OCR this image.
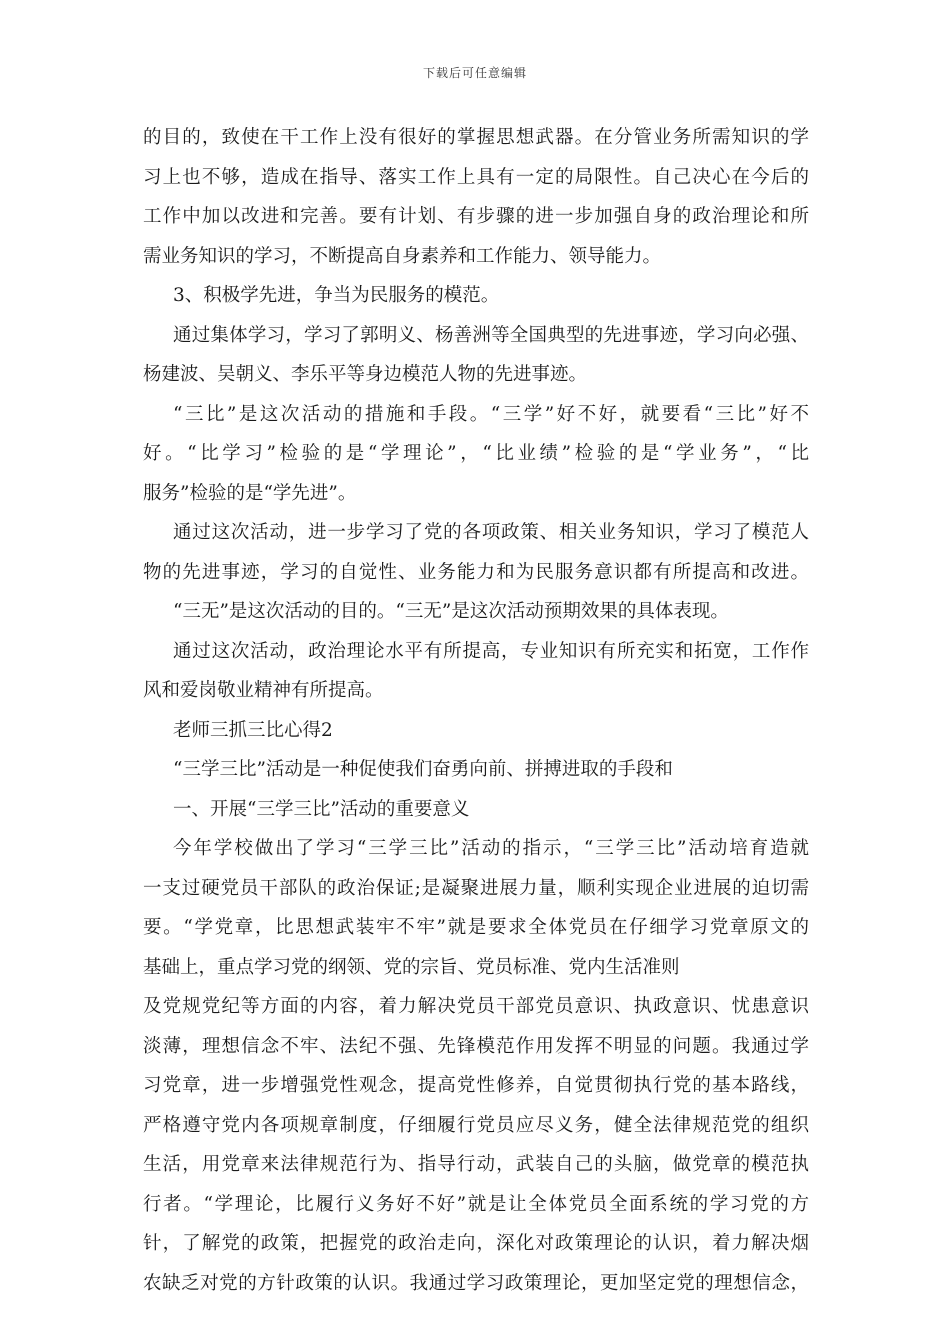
下载后可任意编辑
的目的，致使在干工作上没有很好的掌握思想武器。在分管业务所需知识的学
习上也不够，造成在指导、落实工作上具有一定的局限性。自己决心在今后的
工作中加以改进和完善。要有计划、有步骤的进一步加强自身的政治理论和所
需业务知识的学习，不断提高自身素养和工作能力、领导能力。
3、积极学先进，争当为民服务的模范。
通过集体学习，学习了郭明义、杨善洲等全国典型的先进事迹，学习向必强、
杨建波、吴朝义、李乐平等身边模范人物的先进事迹。
“三比”是这次活动的措施和手段。“三学”好不好，就要看“三比”好不
好。“比学习”检验的是“学理论”，“比业绩”检验的是“学业务”，“比
服务”检验的是“学先进”。
通过这次活动，进一步学习了党的各项政策、相关业务知识，学习了模范人
物的先进事迹，学习的自觉性、业务能力和为民服务意识都有所提高和改进。
“三无”是这次活动的目的。“三无”是这次活动预期效果的具体表现。
通过这次活动，政治理论水平有所提高，专业知识有所充实和拓宽，工作作
风和爱岗敬业精神有所提高。
老师三抓三比心得2
“三学三比”活动是一种促使我们奋勇向前、拼搏进取的手段和
一、开展“三学三比”活动的重要意义
今年学校做出了学习“三学三比”活动的指示，“三学三比”活动培育造就
一支过硬党员干部队的政治保证;是凝聚进展力量，顺利实现企业进展的迫切需
要。“学党章，比思想武装牢不牢”就是要求全体党员在仔细学习党章原文的
基础上，重点学习党的纲领、党的宗旨、党员标准、党内生活准则
及党规党纪等方面的内容，着力解决党员干部党员意识、执政意识、忧患意识
淡薄，理想信念不牢、法纪不强、先锋模范作用发挥不明显的问题。我通过学
习党章，进一步增强党性观念，提高党性修养，自觉贯彻执行党的基本路线，
严格遵守党内各项规章制度，仔细履行党员应尽义务，健全法律规范党的组织
生活，用党章来法律规范行为、指导行动，武装自己的头脑，做党章的模范执
行者。“学理论，比履行义务好不好”就是让全体党员全面系统的学习党的方
针，了解党的政策，把握党的政治走向，深化对政策理论的认识，着力解决烟
农缺乏对党的方针政策的认识。我通过学习政策理论，更加坚定党的理想信念，
